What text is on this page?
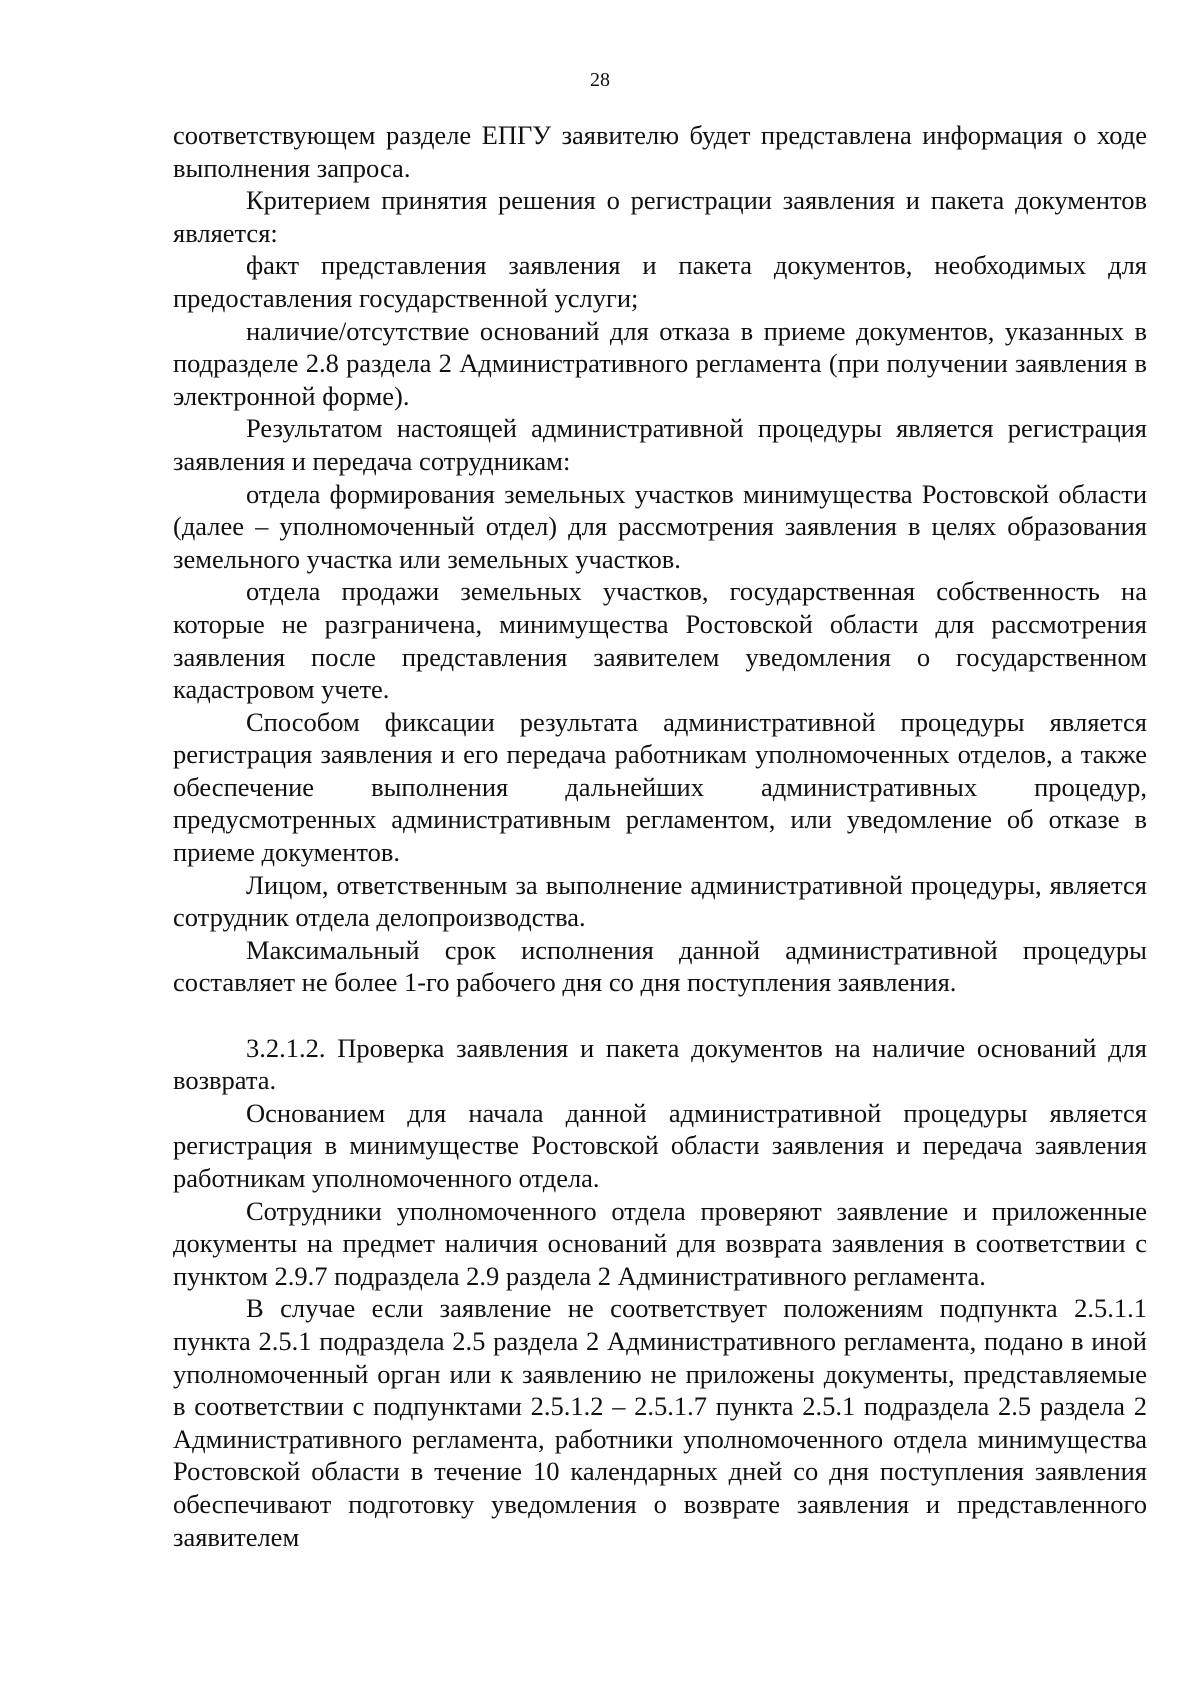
28

соответствующем разделе ЕПГУ заявителю будет представлена информация о ходе выполнения запроса.

Критерием принятия решения о регистрации заявления и пакета документов является:

факт представления заявления и пакета документов, необходимых для предоставления государственной услуги;

наличие/отсутствие оснований для отказа в приеме документов, указанных в подразделе 2.8 раздела 2 Административного регламента (при получении заявления в электронной форме).

Результатом настоящей административной процедуры является регистрация заявления и передача сотрудникам:

отдела формирования земельных участков минимущества Ростовской области (далее – уполномоченный отдел) для рассмотрения заявления в целях образования земельного участка или земельных участков.

отдела продажи земельных участков, государственная собственность на которые не разграничена, минимущества Ростовской области для рассмотрения заявления после представления заявителем уведомления о государственном кадастровом учете.

Способом фиксации результата административной процедуры является регистрация заявления и его передача работникам уполномоченных отделов, а также обеспечение выполнения дальнейших административных процедур, предусмотренных административным регламентом, или уведомление об отказе в приеме документов.

Лицом, ответственным за выполнение административной процедуры, является сотрудник отдела делопроизводства.

Максимальный срок исполнения данной административной процедуры составляет не более 1-го рабочего дня со дня поступления заявления.

3.2.1.2. Проверка заявления и пакета документов на наличие оснований для возврата.

Основанием для начала данной административной процедуры является регистрация в минимуществе Ростовской области заявления и передача заявления работникам уполномоченного отдела.

Сотрудники уполномоченного отдела проверяют заявление и приложенные документы на предмет наличия оснований для возврата заявления в соответствии с пунктом 2.9.7 подраздела 2.9 раздела 2 Административного регламента.

В случае если заявление не соответствует положениям подпункта 2.5.1.1 пункта 2.5.1 подраздела 2.5 раздела 2 Административного регламента, подано в иной уполномоченный орган или к заявлению не приложены документы, представляемые в соответствии с подпунктами 2.5.1.2 – 2.5.1.7 пункта 2.5.1 подраздела 2.5 раздела 2 Административного регламента, работники уполномоченного отдела минимущества Ростовской области в течение 10 календарных дней со дня поступления заявления обеспечивают подготовку уведомления о возврате заявления и представленного заявителем
